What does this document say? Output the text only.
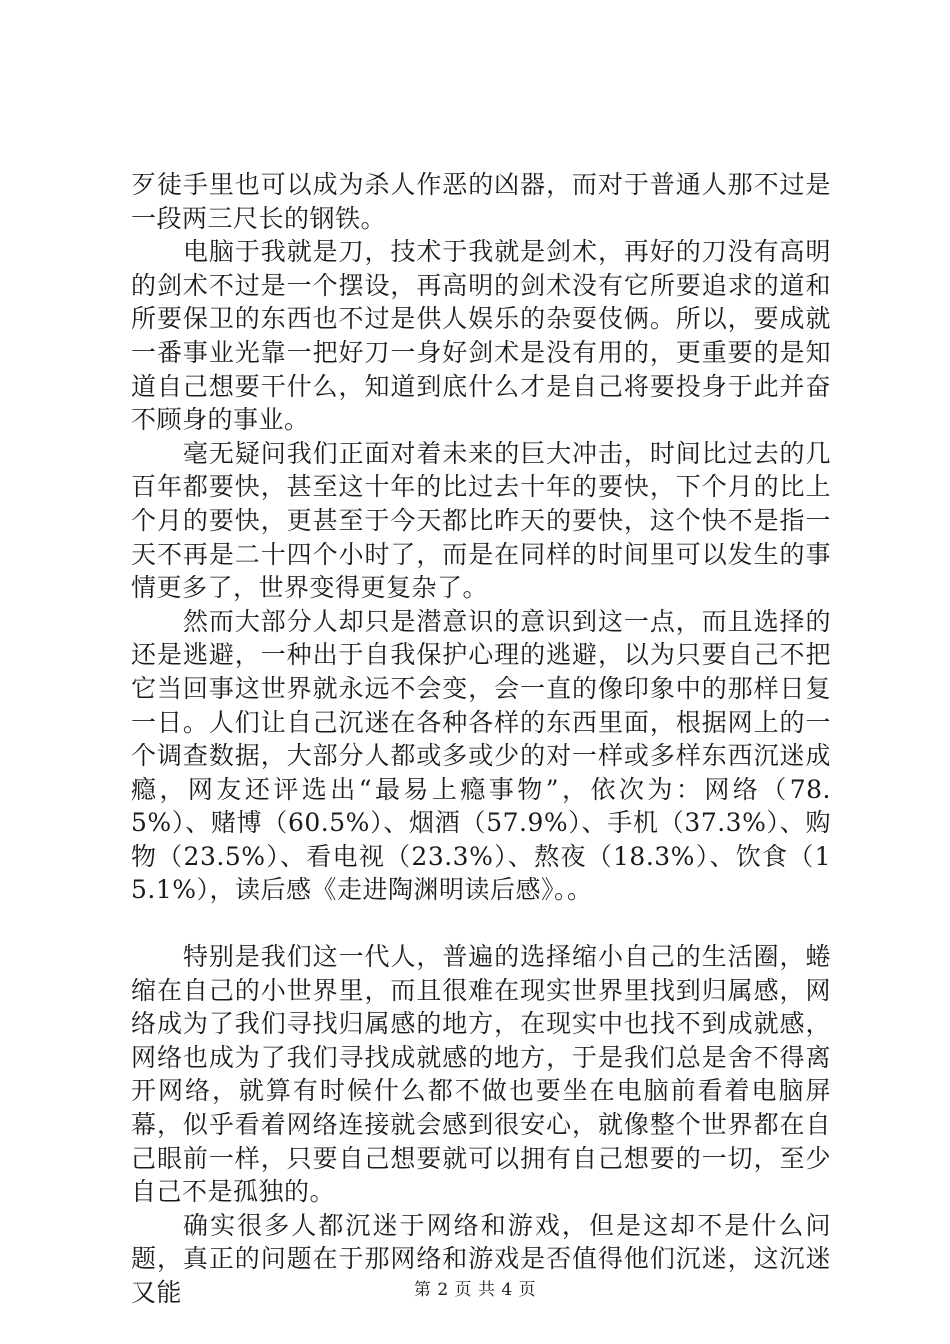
歹徒手里也可以成为杀人作恶的凶器，而对于普通人那不过是一段两三尺长的钢铁。

电脑于我就是刀，技术于我就是剑术，再好的刀没有高明的剑术不过是一个摆设，再高明的剑术没有它所要追求的道和所要保卫的东西也不过是供人娱乐的杂耍伎俩。所以，要成就一番事业光靠一把好刀一身好剑术是没有用的，更重要的是知道自己想要干什么，知道到底什么才是自己将要投身于此并奋不顾身的事业。

毫无疑问我们正面对着未来的巨大冲击，时间比过去的几百年都要快，甚至这十年的比过去十年的要快，下个月的比上个月的要快，更甚至于今天都比昨天的要快，这个快不是指一天不再是二十四个小时了，而是在同样的时间里可以发生的事情更多了，世界变得更复杂了。

然而大部分人却只是潜意识的意识到这一点，而且选择的还是逃避，一种出于自我保护心理的逃避，以为只要自己不把它当回事这世界就永远不会变，会一直的像印象中的那样日复一日。人们让自己沉迷在各种各样的东西里面，根据网上的一个调查数据，大部分人都或多或少的对一样或多样东西沉迷成瘾，网友还评选出“最易上瘾事物”，依次为：网络（78.5%）、赌博（60.5%）、烟酒（57.9%）、手机（37.3%）、购物（23.5%）、看电视（23.3%）、熬夜（18.3%）、饮食（15.1%），读后感《走进陶渊明读后感》。。

特别是我们这一代人，普遍的选择缩小自己的生活圈，蜷缩在自己的小世界里，而且很难在现实世界里找到归属感，网络成为了我们寻找归属感的地方，在现实中也找不到成就感，网络也成为了我们寻找成就感的地方，于是我们总是舍不得离开网络，就算有时候什么都不做也要坐在电脑前看着电脑屏幕，似乎看着网络连接就会感到很安心，就像整个世界都在自己眼前一样，只要自己想要就可以拥有自己想要的一切，至少自己不是孤独的。

确实很多人都沉迷于网络和游戏，但是这却不是什么问题，真正的问题在于那网络和游戏是否值得他们沉迷，这沉迷又能	第 2 页 共 4 页
